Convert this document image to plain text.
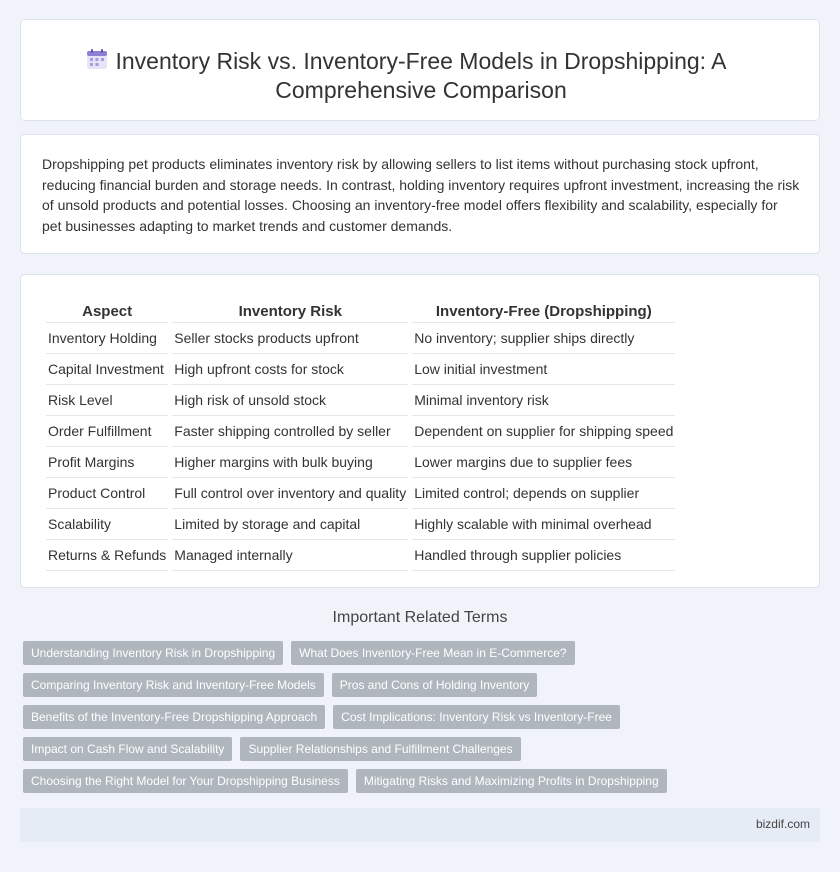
Inventory Risk vs. Inventory-Free Models in Dropshipping: A
Comprehensive Comparison

Dropshipping pet products eliminates inventory risk by allowing sellers to list items without purchasing stock upfront, reducing financial burden and storage needs. In contrast, holding inventory requires upfront investment, increasing the risk of unsold products and potential losses. Choosing an inventory-free model offers flexibility and scalability, especially for pet businesses adapting to market trends and customer demands.

Aspect	Inventory Risk	Inventory-Free (Dropshipping)
Inventory Holding	Seller stocks products upfront	No inventory; supplier ships directly
Capital Investment	High upfront costs for stock	Low initial investment
Risk Level	High risk of unsold stock	Minimal inventory risk
Order Fulfillment	Faster shipping controlled by seller	Dependent on supplier for shipping speed
Profit Margins	Higher margins with bulk buying	Lower margins due to supplier fees
Product Control	Full control over inventory and quality	Limited control; depends on supplier
Scalability	Limited by storage and capital	Highly scalable with minimal overhead
Returns & Refunds	Managed internally	Handled through supplier policies
Important Related Terms
Understanding Inventory Risk in Dropshipping	What Does Inventory-Free Mean in E-Commerce?
Comparing Inventory Risk and Inventory-Free Models	Pros and Cons of Holding Inventory
Benefits of the Inventory-Free Dropshipping Approach	Cost Implications: Inventory Risk vs Inventory-Free
Impact on Cash Flow and Scalability	Supplier Relationships and Fulfillment Challenges
Choosing the Right Model for Your Dropshipping Business	Mitigating Risks and Maximizing Profits in Dropshipping
bizdif.com
